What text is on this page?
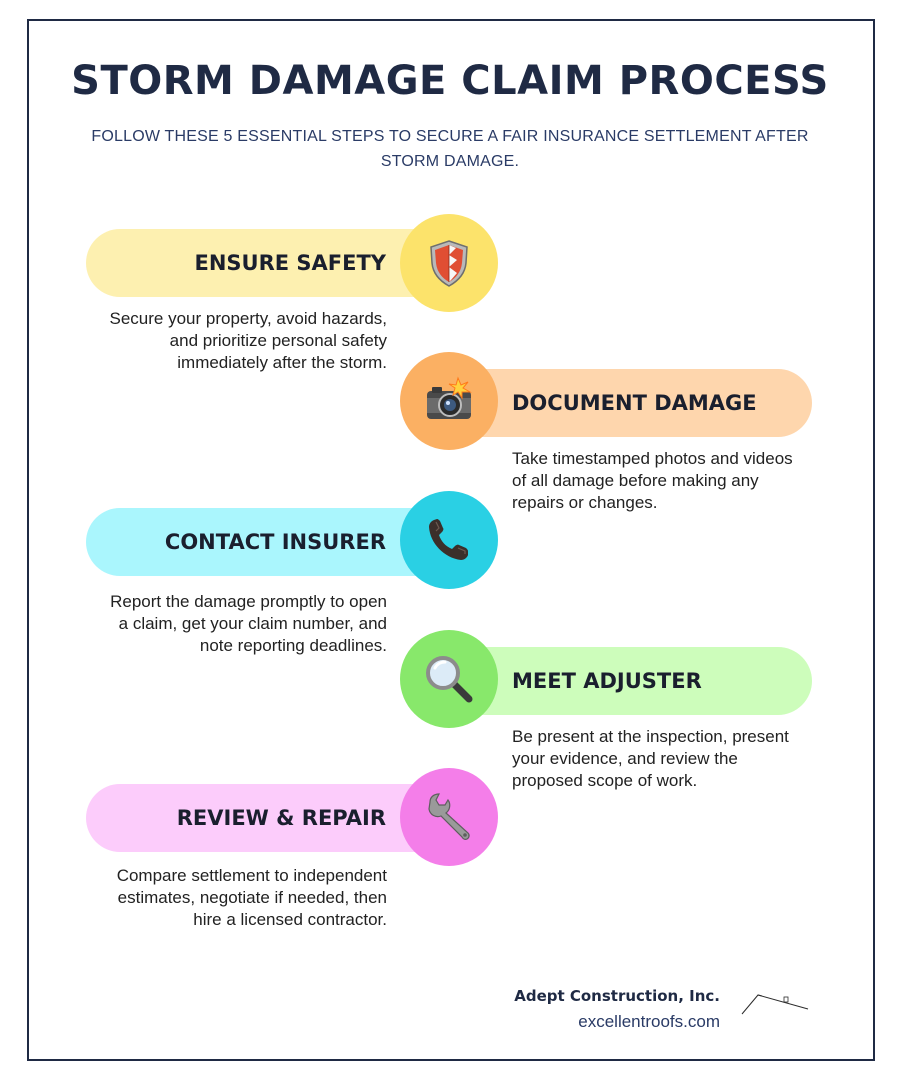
STORM DAMAGE CLAIM PROCESS
FOLLOW THESE 5 ESSENTIAL STEPS TO SECURE A FAIR INSURANCE SETTLEMENT AFTER STORM DAMAGE.
ENSURE SAFETY
Secure your property, avoid hazards, and prioritize personal safety immediately after the storm.
DOCUMENT DAMAGE
Take timestamped photos and videos of all damage before making any repairs or changes.
CONTACT INSURER
Report the damage promptly to open a claim, get your claim number, and note reporting deadlines.
MEET ADJUSTER
Be present at the inspection, present your evidence, and review the proposed scope of work.
REVIEW & REPAIR
Compare settlement to independent estimates, negotiate if needed, then hire a licensed contractor.
Adept Construction, Inc.
excellentroofs.com
